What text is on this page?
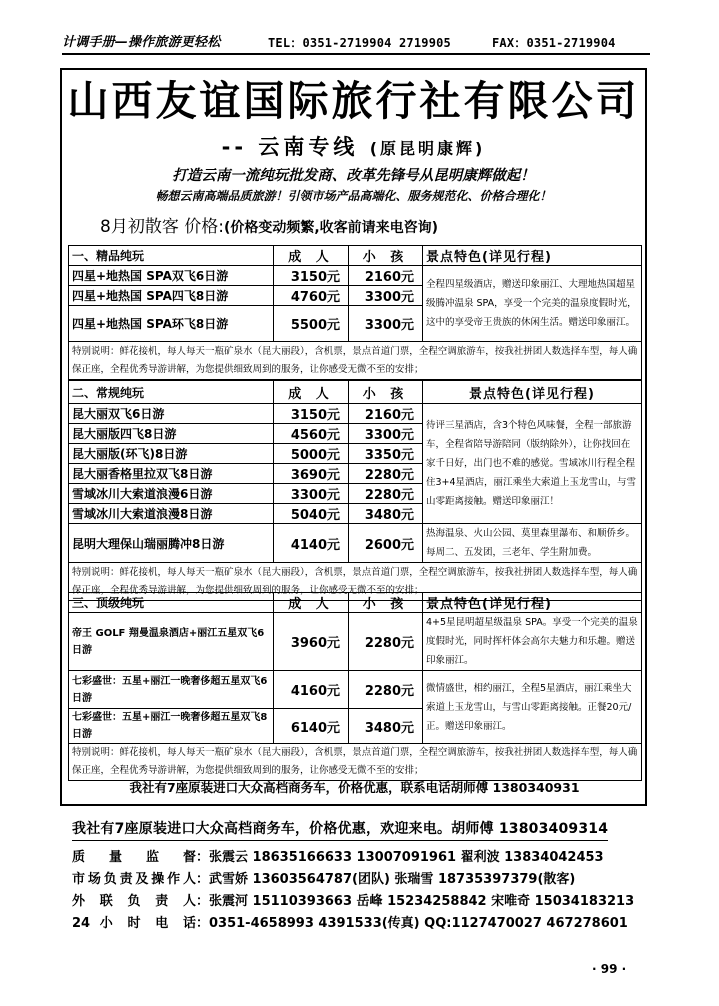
计调手册—操作旅游更轻松	TEL：0351-2719904 2719905	FAX：0351-2719904
山西友谊国际旅行社有限公司
-- 云南专线 (原昆明康辉)
打造云南一流纯玩批发商、改革先锋号从昆明康辉做起！
畅想云南高端品质旅游！引领市场产品高端化、服务规范化、价格合理化！
8月初散客 价格:(价格变动频繁,收客前请来电咨询)
一、精品纯玩	成 人	小 孩	景点特色(详见行程)
四星+地热国 SPA双飞6日游	3150元	2160元	全程四星级酒店，赠送印象丽江、大理地热国超星级腾冲温泉 SPA，享受一个完美的温泉度假时光，这中的享受帝王贵族的休闲生活。赠送印象丽江。
四星+地热国 SPA四飞8日游	4760元	3300元	
四星+地热国 SPA环飞8日游	5500元	3300元	
特别说明：鲜花接机，每人每天一瓶矿泉水（昆大丽段），含机票，景点首道门票，全程空调旅游车，按我社拼团人数选择车型，每人确保正座，全程优秀导游讲解，为您提供细致周到的服务，让你感受无微不至的安排；			
二、常规纯玩	成 人	小 孩	景点特色(详见行程)
昆大丽双飞6日游	3150元	2160元	待评三星酒店，含3个特色风味餐，全程一部旅游车，全程省陪导游陪同（版纳除外），让你找回在家千日好，出门也不难的感觉。雪域冰川行程全程住3+4星酒店，丽江乘坐大索道上玉龙雪山，与雪山零距离接触。赠送印象丽江！
昆大丽版四飞8日游	4560元	3300元	
昆大丽版(环飞)8日游	5000元	3350元	
昆大丽香格里拉双飞8日游	3690元	2280元	
雪域冰川大索道浪漫6日游	3300元	2280元	
雪域冰川大索道浪漫8日游	5040元	3480元	
昆明大理保山瑞丽腾冲8日游	4140元	2600元	热海温泉、火山公园、莫里森里瀑布、和顺侨乡。每周二、五发团，三老年、学生附加费。
特别说明：鲜花接机，每人每天一瓶矿泉水（昆大丽段），含机票，景点首道门票，全程空调旅游车，按我社拼团人数选择车型，每人确保正座，全程优秀导游讲解，为您提供细致周到的服务，让你感受无微不至的安排；			
三、顶级纯玩	成 人	小 孩	景点特色(详见行程)
帝王 GOLF 翔曼温泉酒店+丽江五星双飞6日游	3960元	2280元	4+5星昆明超星级温泉 SPA。享受一个完美的温泉度假时光，同时挥杆体会高尔夫魅力和乐趣。赠送印象丽江。
七彩盛世：五星+丽江一晚奢侈超五星双飞6日游	4160元	2280元	微情盛世，相约丽江，全程5星酒店，丽江乘坐大索道上玉龙雪山，与雪山零距离接触。正餐20元/正。赠送印象丽江。
七彩盛世：五星+丽江一晚奢侈超五星双飞8日游	6140元	3480元	
特别说明：鲜花接机，每人每天一瓶矿泉水（昆大丽段），含机票，景点首道门票，全程空调旅游车，按我社拼团人数选择车型，每人确保正座，全程优秀导游讲解，为您提供细致周到的服务，让你感受无微不至的安排；			
我社有7座原装进口大众高档商务车，价格优惠，联系电话胡师傅 1380340931
我社有7座原装进口大众高档商务车，价格优惠，欢迎来电。胡师傅 13803409314
质 量 监 督：张震云 18635166633 13007091961 翟利波 13834042453
市场负责及操作人：武雪娇 13603564787(团队) 张瑞雪 18735397379(散客)
外 联 负 责 人：张震河 15110393663 岳峰 15234258842 宋唯奇 15034183213
24 小 时 电 话：0351-4658993 4391533(传真) QQ:1127470027 467278601
· 99 ·
